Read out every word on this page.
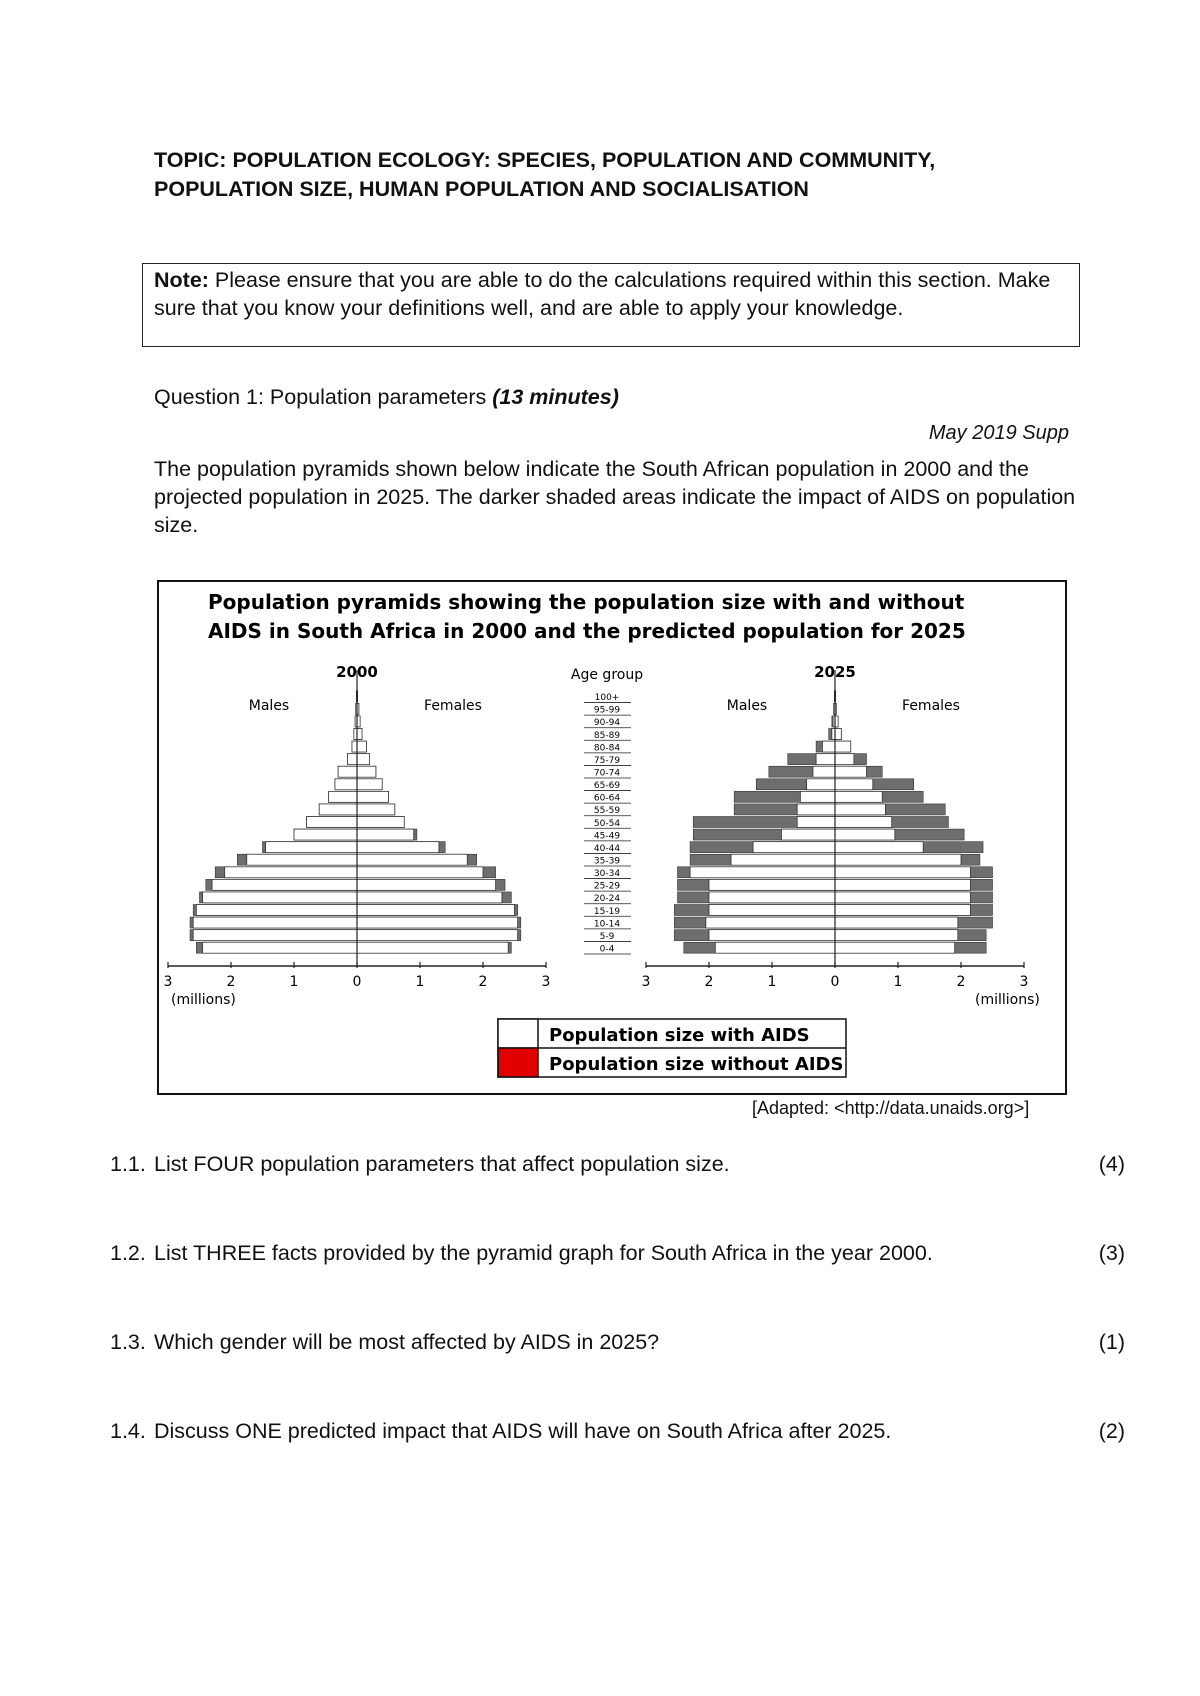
TOPIC: POPULATION ECOLOGY: SPECIES, POPULATION AND COMMUNITY,
POPULATION SIZE, HUMAN POPULATION AND SOCIALISATION
Note: Please ensure that you are able to do the calculations required within this section. Make sure that you know your definitions well, and are able to apply your knowledge.
Question 1: Population parameters (13 minutes)
May 2019 Supp
The population pyramids shown below indicate the South African population in 2000 and the projected population in 2025. The darker shaded areas indicate the impact of AIDS on population size.
Population pyramids showing the population size with and without
AIDS in South Africa in 2000 and the predicted population for 2025
2000
Males	Females
3	2	1	0	1	2	3
2025
Males	Females
3	2	1	0	1	2	3
(millions)	(millions)
Age group
0-4
5-9
10-14
15-19
20-24
25-29
30-34
35-39
40-44
45-49
50-54
55-59
60-64
65-69
70-74
75-79
80-84
85-89
90-94
95-99
100+
Population size with AIDS
Population size without AIDS
[Adapted: <http://data.unaids.org>]
1.1. List FOUR population parameters that affect population size.	(4)
1.2. List THREE facts provided by the pyramid graph for South Africa in the year 2000.	(3)
1.3. Which gender will be most affected by AIDS in 2025?	(1)
1.4. Discuss ONE predicted impact that AIDS will have on South Africa after 2025.	(2)
